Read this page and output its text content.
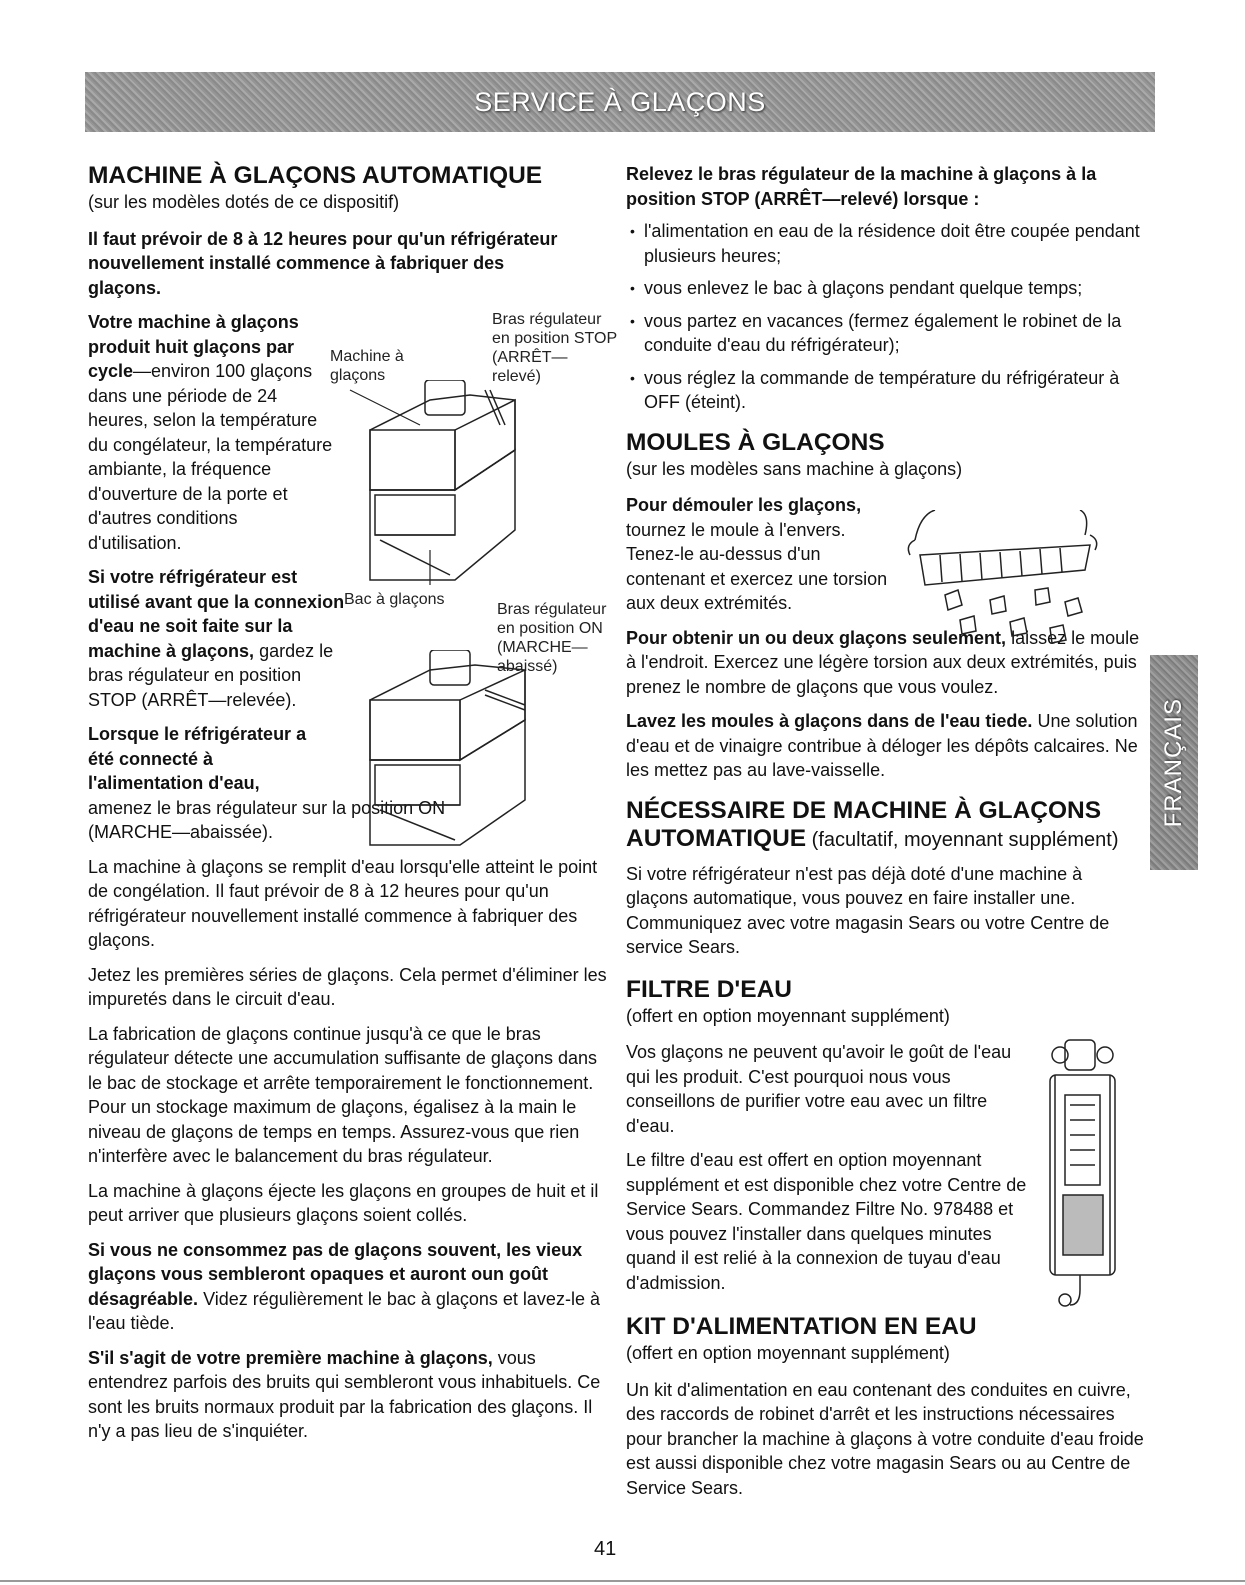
SERVICE À GLAÇONS
MACHINE À GLAÇONS AUTOMATIQUE

(sur les modèles dotés de ce dispositif)

Il faut prévoir de 8 à 12 heures pour qu'un réfrigérateur nouvellement installé commence à fabriquer des glaçons.

Votre machine à glaçons produit huit glaçons par cycle—environ 100 glaçons dans une période de 24 heures, selon la température du congélateur, la température ambiante, la fréquence d'ouverture de la porte et d'autres conditions d'utilisation.

Si votre réfrigérateur est utilisé avant que la connexion d'eau ne soit faite sur la machine à glaçons, gardez le bras régulateur en position STOP (ARRÊT—relevée).

Lorsque le réfrigérateur a été connecté à l'alimentation d'eau,
amenez le bras régulateur sur la position ON (MARCHE—abaissée).

La machine à glaçons se remplit d'eau lorsqu'elle atteint le point de congélation. Il faut prévoir de 8 à 12 heures pour qu'un réfrigérateur nouvellement installé commence à fabriquer des glaçons.

Jetez les premières séries de glaçons. Cela permet d'éliminer les impuretés dans le circuit d'eau.

La fabrication de glaçons continue jusqu'à ce que le bras régulateur détecte une accumulation suffisante de glaçons dans le bac de stockage et arrête temporairement le fonctionnement. Pour un stockage maximum de glaçons, égalisez à la main le niveau de glaçons de temps en temps. Assurez-vous que rien n'interfère avec le balancement du bras régulateur.

La machine à glaçons éjecte les glaçons en groupes de huit et il peut arriver que plusieurs glaçons soient collés.

Si vous ne consommez pas de glaçons souvent, les vieux glaçons vous sembleront opaques et auront oun goût désagréable. Videz régulièrement le bac à glaçons et lavez-le à l'eau tiède.

S'il s'agit de votre première machine à glaçons, vous entendrez parfois des bruits qui sembleront vous inhabituels. Ce sont les bruits normaux produit par la fabrication des glaçons. Il n'y a pas lieu de s'inquiéter.

Machine à glaçons
Bras régulateur en position STOP (ARRÊT— relevé)
Bac à glaçons
Bras régulateur en position ON (MARCHE— abaissé)

Relevez le bras régulateur de la machine à glaçons à la position STOP (ARRÊT—relevé) lorsque :

• l'alimentation en eau de la résidence doit être coupée pendant plusieurs heures;
• vous enlevez le bac à glaçons pendant quelque temps;
• vous partez en vacances (fermez également le robinet de la conduite d'eau du réfrigérateur);
• vous réglez la commande de température du réfrigérateur à OFF (éteint).
MOULES À GLAÇONS

(sur les modèles sans machine à glaçons)

Pour démouler les glaçons, tournez le moule à l'envers. Tenez-le au-dessus d'un contenant et exercez une torsion aux deux extrémités.

Pour obtenir un ou deux glaçons seulement, laissez le moule à l'endroit. Exercez une légère torsion aux deux extrémités, puis prenez le nombre de glaçons que vous voulez.

Lavez les moules à glaçons dans de l'eau tiede. Une solution d'eau et de vinaigre contribue à déloger les dépôts calcaires. Ne les mettez pas au lave-vaisselle.

NÉCESSAIRE DE MACHINE À GLAÇONS AUTOMATIQUE (facultatif, moyennant supplément)

Si votre réfrigérateur n'est pas déjà doté d'une machine à glaçons automatique, vous pouvez en faire installer une. Communiquez avec votre magasin Sears ou votre Centre de service Sears.

FILTRE D'EAU

(offert en option moyennant supplément)

Vos glaçons ne peuvent qu'avoir le goût de l'eau qui les produit. C'est pourquoi nous vous conseillons de purifier votre eau avec un filtre d'eau.

Le filtre d'eau est offert en option moyennant supplément et est disponible chez votre Centre de Service Sears. Commandez Filtre No. 978488 et vous pouvez l'installer dans quelques minutes quand il est relié à la connexion de tuyau d'eau d'admission.

KIT D'ALIMENTATION EN EAU

(offert en option moyennant supplément)

Un kit d'alimentation en eau contenant des conduites en cuivre, des raccords de robinet d'arrêt et les instructions nécessaires pour brancher la machine à glaçons à votre conduite d'eau froide est aussi disponible chez votre magasin Sears ou au Centre de Service Sears.

FRANÇAIS
41
